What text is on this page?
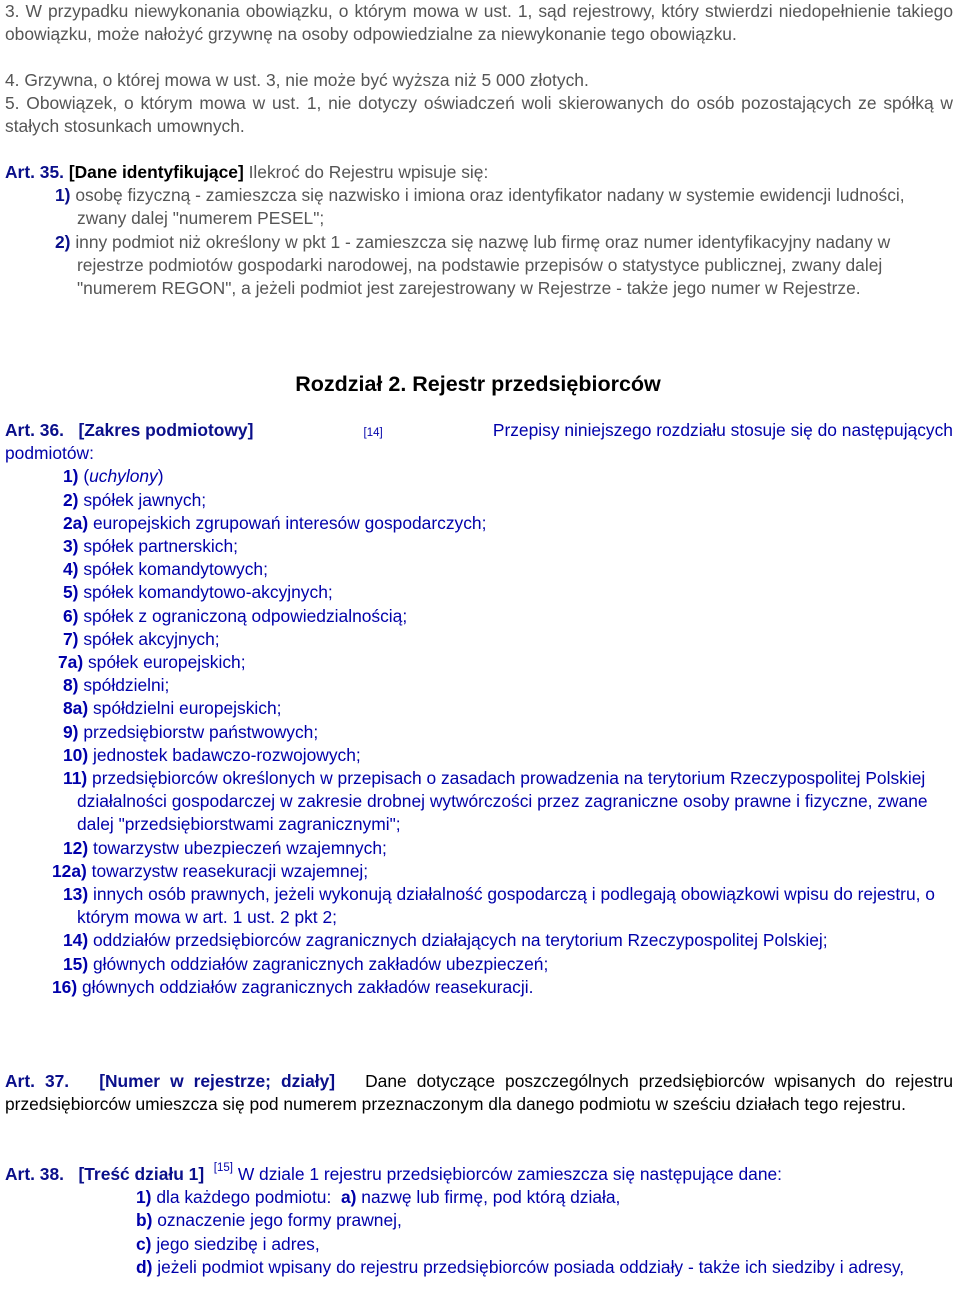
3. W przypadku niewykonania obowiązku, o którym mowa w ust. 1, sąd rejestrowy, który stwierdzi niedopełnienie takiego obowiązku, może nałożyć grzywnę na osoby odpowiedzialne za niewykonanie tego obowiązku.
4. Grzywna, o której mowa w ust. 3, nie może być wyższa niż 5 000 złotych.
5. Obowiązek, o którym mowa w ust. 1, nie dotyczy oświadczeń woli skierowanych do osób pozostających ze spółką w stałych stosunkach umownych.
Art. 35. [Dane identyfikujące] Ilekroć do Rejestru wpisuje się:
1) osobę fizyczną - zamieszcza się nazwisko i imiona oraz identyfikator nadany w systemie ewidencji ludności, zwany dalej "numerem PESEL";
2) inny podmiot niż określony w pkt 1 - zamieszcza się nazwę lub firmę oraz numer identyfikacyjny nadany w rejestrze podmiotów gospodarki narodowej, na podstawie przepisów o statystyce publicznej, zwany dalej "numerem REGON", a jeżeli podmiot jest zarejestrowany w Rejestrze - także jego numer w Rejestrze.
Rozdział 2. Rejestr przedsiębiorców
Art. 36. [Zakres podmiotowy]	[14]	Przepisy niniejszego rozdziału stosuje się do następujących
podmiotów:
1) (uchylony)
2) spółek jawnych;
2a) europejskich zgrupowań interesów gospodarczych;
3) spółek partnerskich;
4) spółek komandytowych;
5) spółek komandytowo-akcyjnych;
6) spółek z ograniczoną odpowiedzialnością;
7) spółek akcyjnych;
7a) spółek europejskich;
8) spółdzielni;
8a) spółdzielni europejskich;
9) przedsiębiorstw państwowych;
10) jednostek badawczo-rozwojowych;
11) przedsiębiorców określonych w przepisach o zasadach prowadzenia na terytorium Rzeczypospolitej Polskiej działalności gospodarczej w zakresie drobnej wytwórczości przez zagraniczne osoby prawne i fizyczne, zwane dalej "przedsiębiorstwami zagranicznymi";
12) towarzystw ubezpieczeń wzajemnych;
12a) towarzystw reasekuracji wzajemnej;
13) innych osób prawnych, jeżeli wykonują działalność gospodarczą i podlegają obowiązkowi wpisu do rejestru, o którym mowa w art. 1 ust. 2 pkt 2;
14) oddziałów przedsiębiorców zagranicznych działających na terytorium Rzeczypospolitej Polskiej;
15) głównych oddziałów zagranicznych zakładów ubezpieczeń;
16) głównych oddziałów zagranicznych zakładów reasekuracji.
Art. 37. [Numer w rejestrze; działy] Dane dotyczące poszczególnych przedsiębiorców wpisanych do rejestru przedsiębiorców umieszcza się pod numerem przeznaczonym dla danego podmiotu w sześciu działach tego rejestru.
Art. 38. [Treść działu 1] [15] W dziale 1 rejestru przedsiębiorców zamieszcza się następujące dane:
1) dla każdego podmiotu: a) nazwę lub firmę, pod którą działa,
b) oznaczenie jego formy prawnej,
c) jego siedzibę i adres,
d) jeżeli podmiot wpisany do rejestru przedsiębiorców posiada oddziały - także ich siedziby i adresy,
